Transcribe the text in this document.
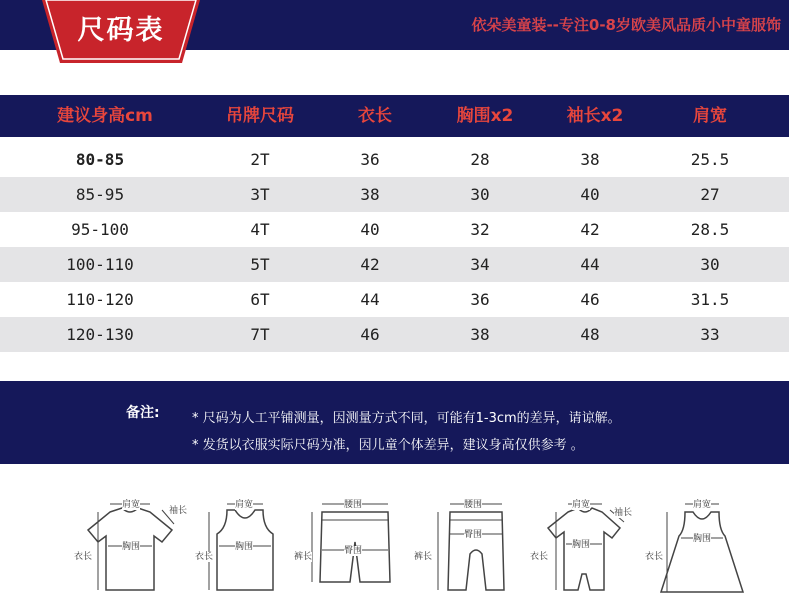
尺码表	依朵美童装--专注0-8岁欧美风品质小中童服饰
建议身高cm	吊牌尺码	衣长	胸围x2	袖长x2	肩宽
80-85	2T	36	28	38	25.5
85-95	3T	38	30	40	27
95-100	4T	40	32	42	28.5
100-110	5T	42	34	44	30
110-120	6T	44	36	46	31.5
120-130	7T	46	38	48	33
备注: * 尺码为人工平铺测量，因测量方式不同，可能有1-3cm的差异，请谅解。
* 发货以衣服实际尺码为准，因儿童个体差异，建议身高仅供参考 。
肩宽
袖长
胸围
衣长
肩宽
胸围
衣长
腰围
臀围
裤长
腰围
臀围
裤长
肩宽
袖长
胸围
衣长
肩宽
胸围
衣长
